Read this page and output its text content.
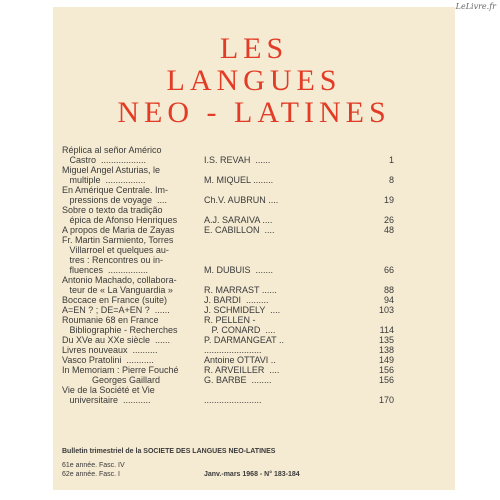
LeLivre.fr
LES
LANGUES
NEO - LATINES
Réplica al señor Américo
Castro  ..................	I.S. REVAH  ......	1
Miguel Angel Asturias, le
multiple  ................	M. MIQUEL ........	8
En Amérique Centrale. Im-
pressions de voyage  ....	Ch.V. AUBRUN ....	19
Sobre o texto da tradição
épica de Afonso Henriques	A.J. SARAIVA ....	26
A propos de Maria de Zayas	E. CABILLON  ....	48
Fr. Martin Sarmiento, Torres
Villarroel et quelques au-
tres : Rencontres ou in-
fluences  ................	M. DUBUIS  .......	66
Antonio Machado, collabora-
teur de « La Vanguardia »	R. MARRAST ......	88
Boccace en France (suite)	J. BARDI  .........	94
A=EN ? ; DE=A+EN ?  ......	J. SCHMIDELY  ....	103
Roumanie 68 en France	R. PELLEN -
Bibliographie - Recherches	P. CONARD  ....	114
Du XVe au XXe siècle  ......	P. DARMANGEAT ..	135
Livres nouveaux  ..........	.......................	138
Vasco Pratolini  ...........	Antoine OTTAVI ..	149
In Memoriam : Pierre Fouché	R. ARVEILLER  ....	156
Georges Gaillard	G. BARBE  ........	156
Vie de la Société et Vie
universitaire  ...........	.......................	170
Bulletin trimestriel de la SOCIETE DES LANGUES NEO-LATINES
61e année. Fasc. IV
62e année. Fasc. I	Janv.-mars 1968 - N° 183-184
